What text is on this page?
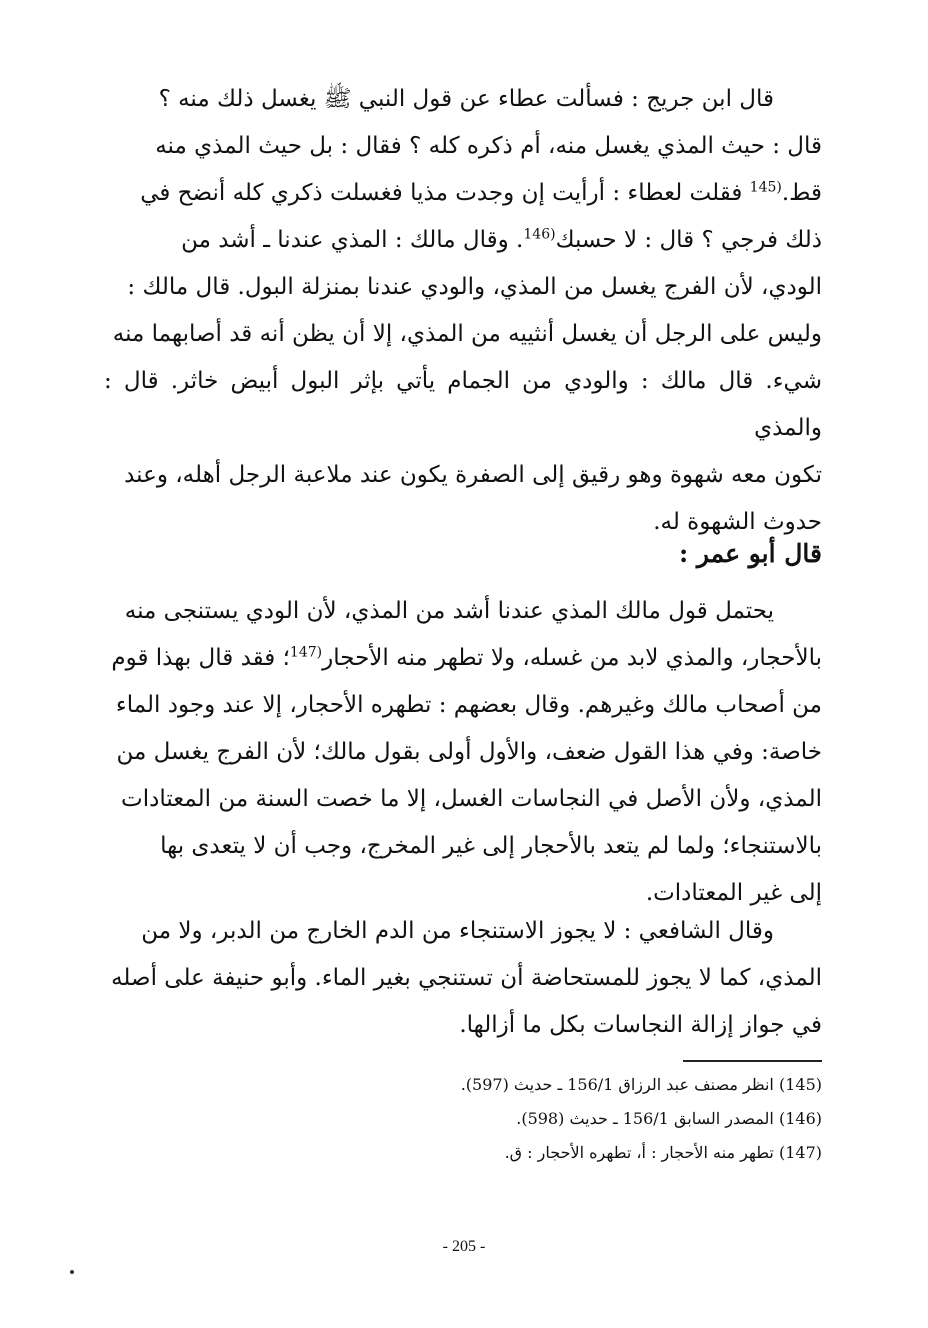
قال ابن جريج : فسألت عطاء عن قول النبي ﷺ يغسل ذلك منه ؟
قال : حيث المذي يغسل منه، أم ذكره كله ؟ فقال : بل حيث المذي منه
قط.$^{(145}$ فقلت لعطاء : أرأيت إن وجدت مذيا فغسلت ذكري كله أنضح في
ذلك فرجي ؟ قال : لا حسبك$^{(146}$. وقال مالك : المذي عندنا ـ أشد من
الودي، لأن الفرج يغسل من المذي، والودي عندنا بمنزلة البول. قال مالك :
وليس على الرجل أن يغسل أنثييه من المذي، إلا أن يظن أنه قد أصابهما منه
شيء. قال مالك : والودي من الجمام يأتي بإثر البول أبيض خاثر. قال : والمذي
تكون معه شهوة وهو رقيق إلى الصفرة يكون عند ملاعبة الرجل أهله، وعند
حدوث الشهوة له.
قال أبو عمر :
يحتمل قول مالك المذي عندنا أشد من المذي، لأن الودي يستنجى منه
بالأحجار، والمذي لابد من غسله، ولا تطهر منه الأحجار$^{(147}$؛ فقد قال بهذا قوم
من أصحاب مالك وغيرهم. وقال بعضهم : تطهره الأحجار، إلا عند وجود الماء
خاصة: وفي هذا القول ضعف، والأول أولى بقول مالك؛ لأن الفرج يغسل من
المذي، ولأن الأصل في النجاسات الغسل، إلا ما خصت السنة من المعتادات
بالاستنجاء؛ ولما لم يتعد بالأحجار إلى غير المخرج، وجب أن لا يتعدى بها
إلى غير المعتادات.
وقال الشافعي : لا يجوز الاستنجاء من الدم الخارج من الدبر، ولا من
المذي، كما لا يجوز للمستحاضة أن تستنجي بغير الماء. وأبو حنيفة على أصله
في جواز إزالة النجاسات بكل ما أزالها.
(145) انظر مصنف عبد الرزاق 156/1 ـ حديث (597).
(146) المصدر السابق 156/1 ـ حديث (598).
(147) تطهر منه الأحجار : أ، تطهره الأحجار : ق.
- 205 -
